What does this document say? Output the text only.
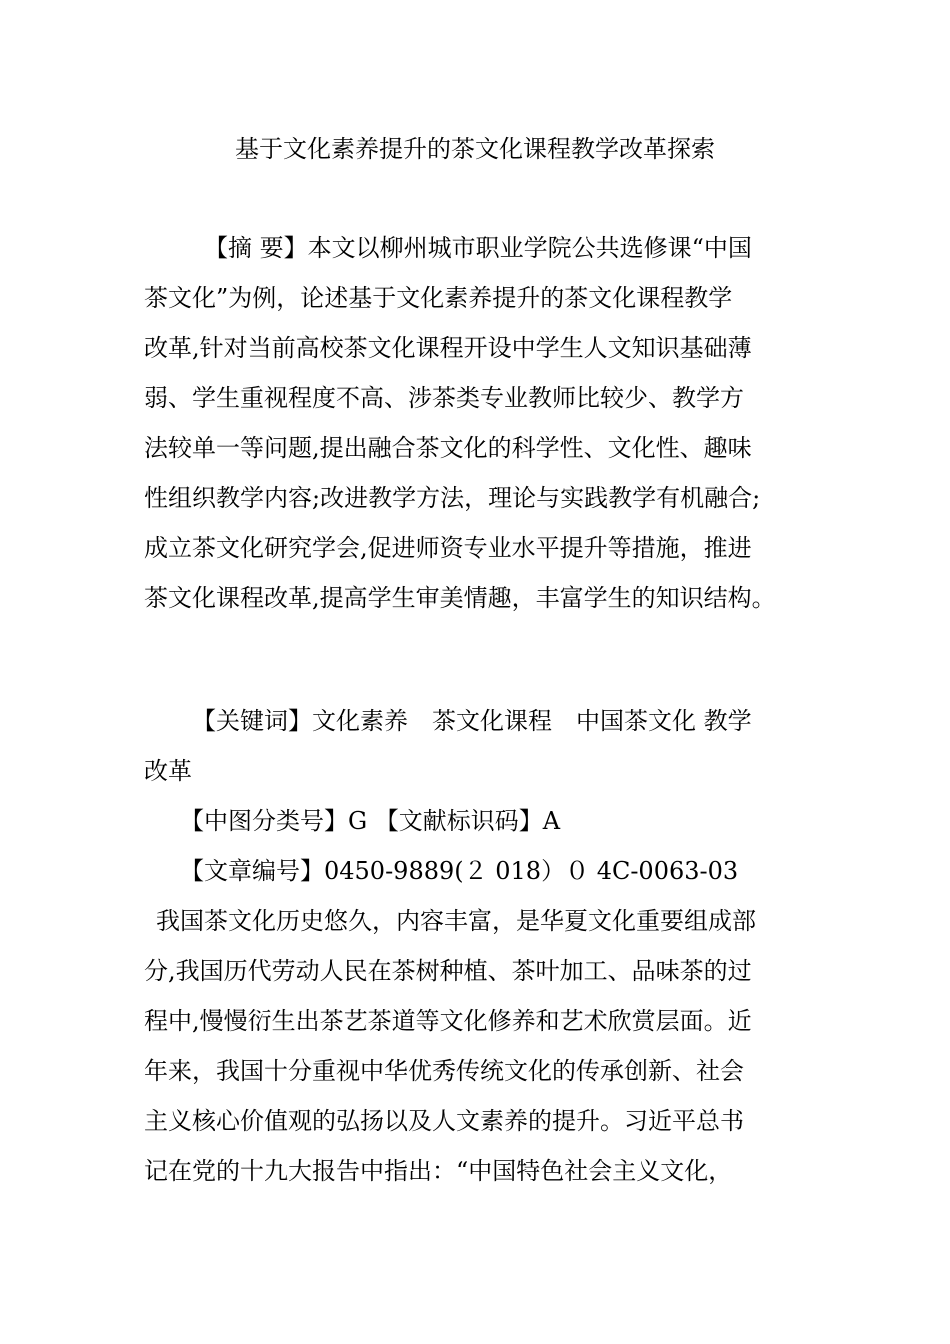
基于文化素养提升的茶文化课程教学改革探索
【摘 要】本文以柳州城市职业学院公共选修课“中国
茶文化”为例，论述基于文化素养提升的茶文化课程教学
改革,针对当前高校茶文化课程开设中学生人文知识基础薄
弱、学生重视程度不高、涉茶类专业教师比较少、教学方
法较单一等问题,提出融合茶文化的科学性、文化性、趣味
性组织教学内容;改进教学方法，理论与实践教学有机融合;
成立茶文化研究学会,促进师资专业水平提升等措施，推进
茶文化课程改革,提高学生审美情趣，丰富学生的知识结构。
【关键词】文化素养　茶文化课程　中国茶文化 教学
改革
【中图分类号】G 【文献标识码】A
【文章编号】0450-9889(２ 018）０ 4C-0063-03
我国茶文化历史悠久，内容丰富，是华夏文化重要组成部
分,我国历代劳动人民在茶树种植、茶叶加工、品味茶的过
程中,慢慢衍生出茶艺茶道等文化修养和艺术欣赏层面。近
年来，我国十分重视中华优秀传统文化的传承创新、社会
主义核心价值观的弘扬以及人文素养的提升。习近平总书
记在党的十九大报告中指出：“中国特色社会主义文化，
